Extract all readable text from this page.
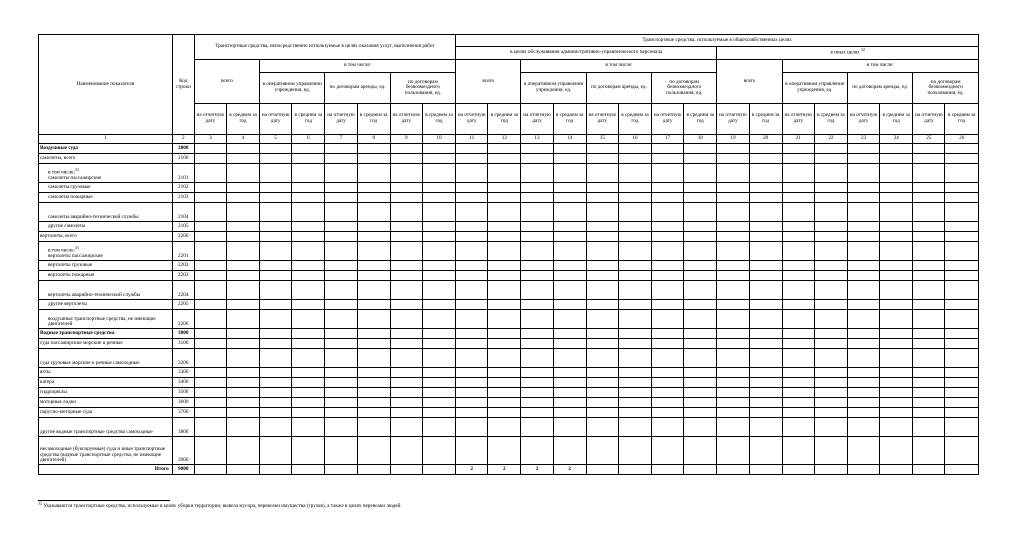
Наименование показателя	Код строки	Транспортные средства, непосредственно используемые в целях оказания услуг, выполнения работ								Транспортные средства, используемые в общехозяйственных целях															
										в целях обслуживания административно-управленческого персонала								в иных целях $^{32}$
		всего		в том числе:						всего		в том числе:						всего		в том числе:					
				в оперативном управлении учреждения, ед.		по договорам аренды, ед.		по договорам безвозмездного пользования, ед.				в оперативном управлении учреждения, ед.		по договорам аренды, ед.		по договорам безвозмездного пользования, ед.				в оперативном управлении учреждения, ед.		по договорам аренды, ед.		по договорам безвозмездного пользования, ед.	
		на отчетную дату	в среднем за год	на отчетную дату	в среднем за год	на отчетную дату	в среднем за год	на отчетную дату	в среднем за год	на отчетную дату	в среднем за год	на отчетную дату	в среднем за год	на отчетную дату	в среднем за год	на отчетную дату	в среднем за год	на отчетную дату	в среднем за год	на отчетную дату	в среднем за год	на отчетную дату	в среднем за год	на отчетную дату	в среднем за год
1	2	3	4	5	6	7	8	9	10	11	12	13	14	15	16	17	18	19	20	21	22	23	24	25	26
Воздушные суда	2000																								
самолеты, всего	2100																								
в том числе:$^{31}$
самолеты пассажирские	2101																								
самолеты грузовые	2102																								
самолеты пожарные	2103																								
самолеты аварийно-технической службы	2104																								
другие самолеты	2105																								
вертолеты, всего	2200																								
в том числе:$^{31}$
вертолеты пассажирские	2201																								
вертолеты грузовые	2202																								
вертолеты пожарные	2203																								
вертолеты аварийно-технической службы	2204																								
другие вертолеты	2205																								
воздушные транспортные средства, не имеющие двигателей	2206																								
Водные транспортные средства	3000																								
суда пассажирские морские и речные	3100																								
суда грузовые морские и речные самоходные	3200																								
яхты	3300																								
катера	3400																								
гидроциклы	3500																								
моторные лодки	3600																								
парусно-моторные суда	3700																								
другие водные транспортные средства самоходные	3800																								
несамоходные (буксируемые) суда и иные транспортные средства (водные транспортные средства, не имеющие двигателей)	3900																								
Итого	9000									2	2	2	2												
$^{32}$ Указываются транспортные средства, используемые в целях уборки территории, вывоза мусора, перевозки имущества (грузов), а также в целях перевозки людей.
